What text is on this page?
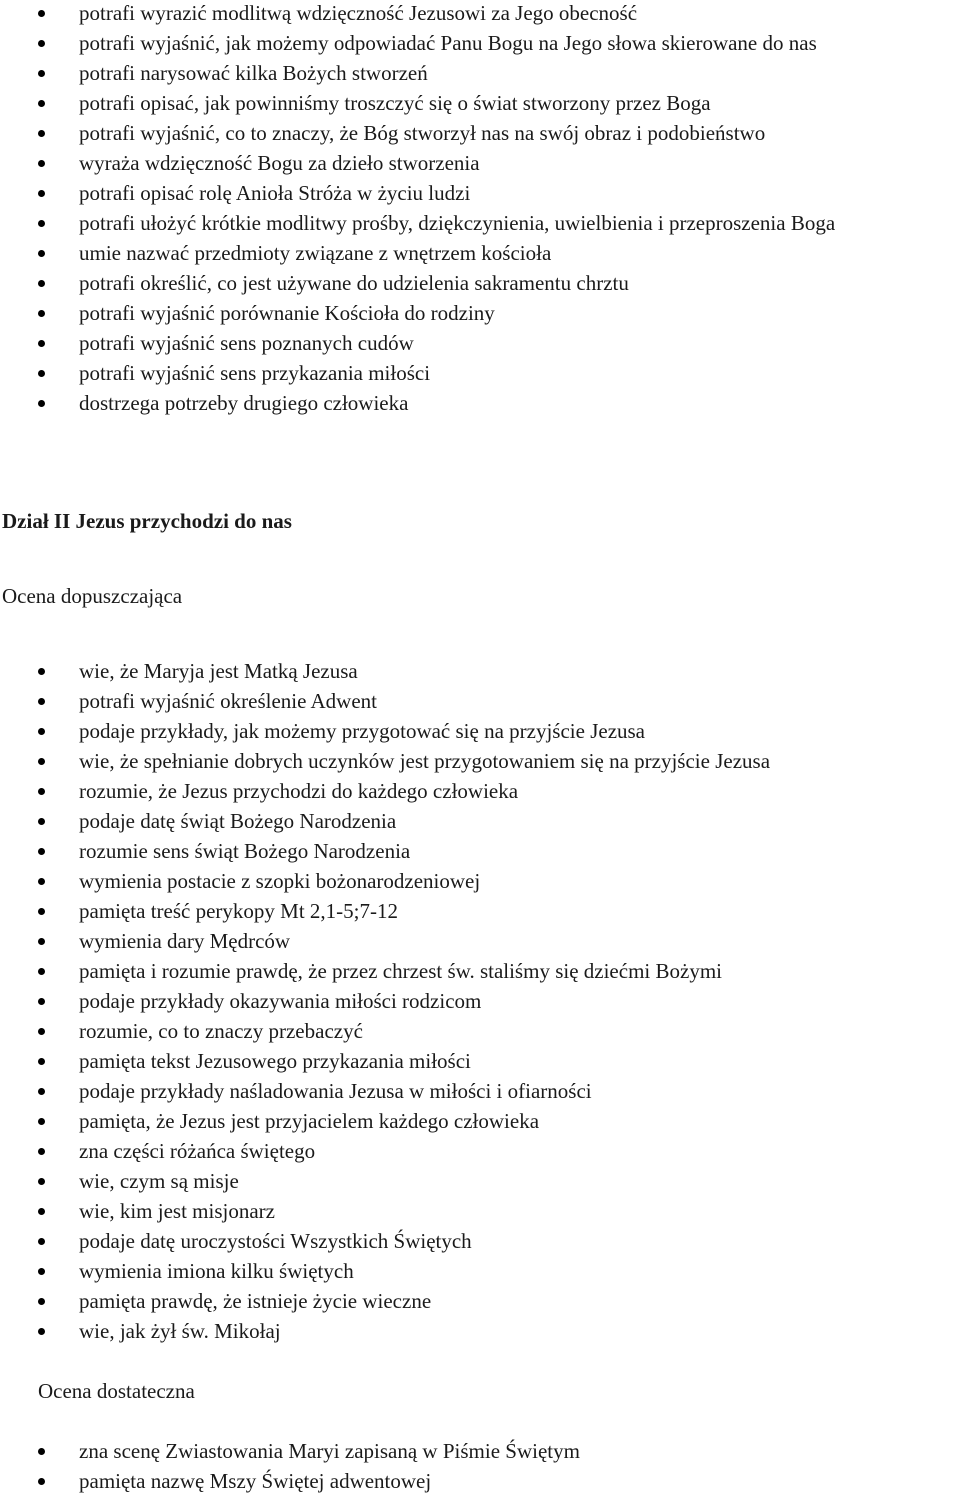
potrafi wyrazić modlitwą wdzięczność Jezusowi za Jego obecność
potrafi wyjaśnić, jak możemy odpowiadać Panu Bogu na Jego słowa skierowane do nas
potrafi narysować kilka Bożych stworzeń
potrafi opisać, jak powinniśmy troszczyć się o świat stworzony przez Boga
potrafi wyjaśnić, co to znaczy, że Bóg stworzył nas na swój obraz i podobieństwo
wyraża wdzięczność Bogu za dzieło stworzenia
potrafi opisać rolę Anioła Stróża w życiu ludzi
potrafi ułożyć krótkie modlitwy prośby, dziękczynienia, uwielbienia i przeproszenia Boga
umie nazwać przedmioty związane z wnętrzem kościoła
potrafi określić, co jest używane do udzielenia sakramentu chrztu
potrafi wyjaśnić porównanie Kościoła do rodziny
potrafi wyjaśnić sens poznanych cudów
potrafi wyjaśnić sens przykazania miłości
dostrzega potrzeby drugiego człowieka
Dział II Jezus przychodzi do nas
Ocena dopuszczająca
wie, że Maryja jest Matką Jezusa
potrafi wyjaśnić określenie Adwent
podaje przykłady, jak możemy przygotować się na przyjście Jezusa
wie, że spełnianie dobrych uczynków jest przygotowaniem się na przyjście Jezusa
rozumie, że Jezus przychodzi do każdego człowieka
podaje datę świąt Bożego Narodzenia
rozumie sens świąt Bożego Narodzenia
wymienia postacie z szopki bożonarodzeniowej
pamięta treść perykopy Mt 2,1-5;7-12
wymienia dary Mędrców
pamięta i rozumie prawdę, że przez chrzest św. staliśmy się dziećmi Bożymi
podaje przykłady okazywania miłości rodzicom
rozumie, co to znaczy przebaczyć
pamięta tekst Jezusowego przykazania miłości
podaje przykłady naśladowania Jezusa w miłości i ofiarności
pamięta, że Jezus jest przyjacielem każdego człowieka
zna części różańca świętego
wie, czym są misje
wie, kim jest misjonarz
podaje datę uroczystości Wszystkich Świętych
wymienia imiona kilku świętych
pamięta prawdę, że istnieje życie wieczne
wie, jak żył św. Mikołaj
Ocena dostateczna
zna scenę Zwiastowania Maryi zapisaną w Piśmie Świętym
pamięta nazwę Mszy Świętej adwentowej
